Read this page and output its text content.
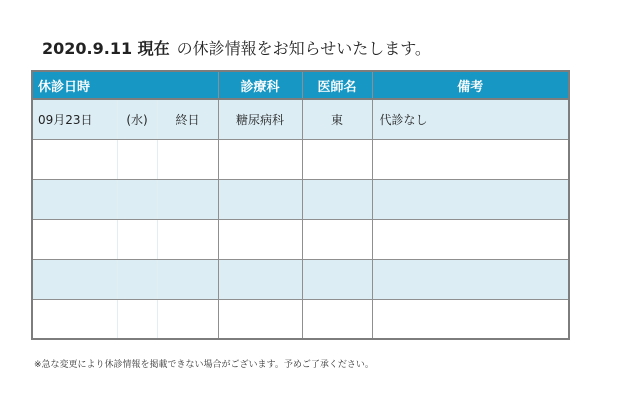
2020.9.11 現在 の休診情報をお知らせいたします。
休診日時			診療科	医師名	備考
09月23日	(水)	終日	糖尿病科	東	代診なし

※急な変更により休診情報を掲載できない場合がございます。予めご了承ください。
